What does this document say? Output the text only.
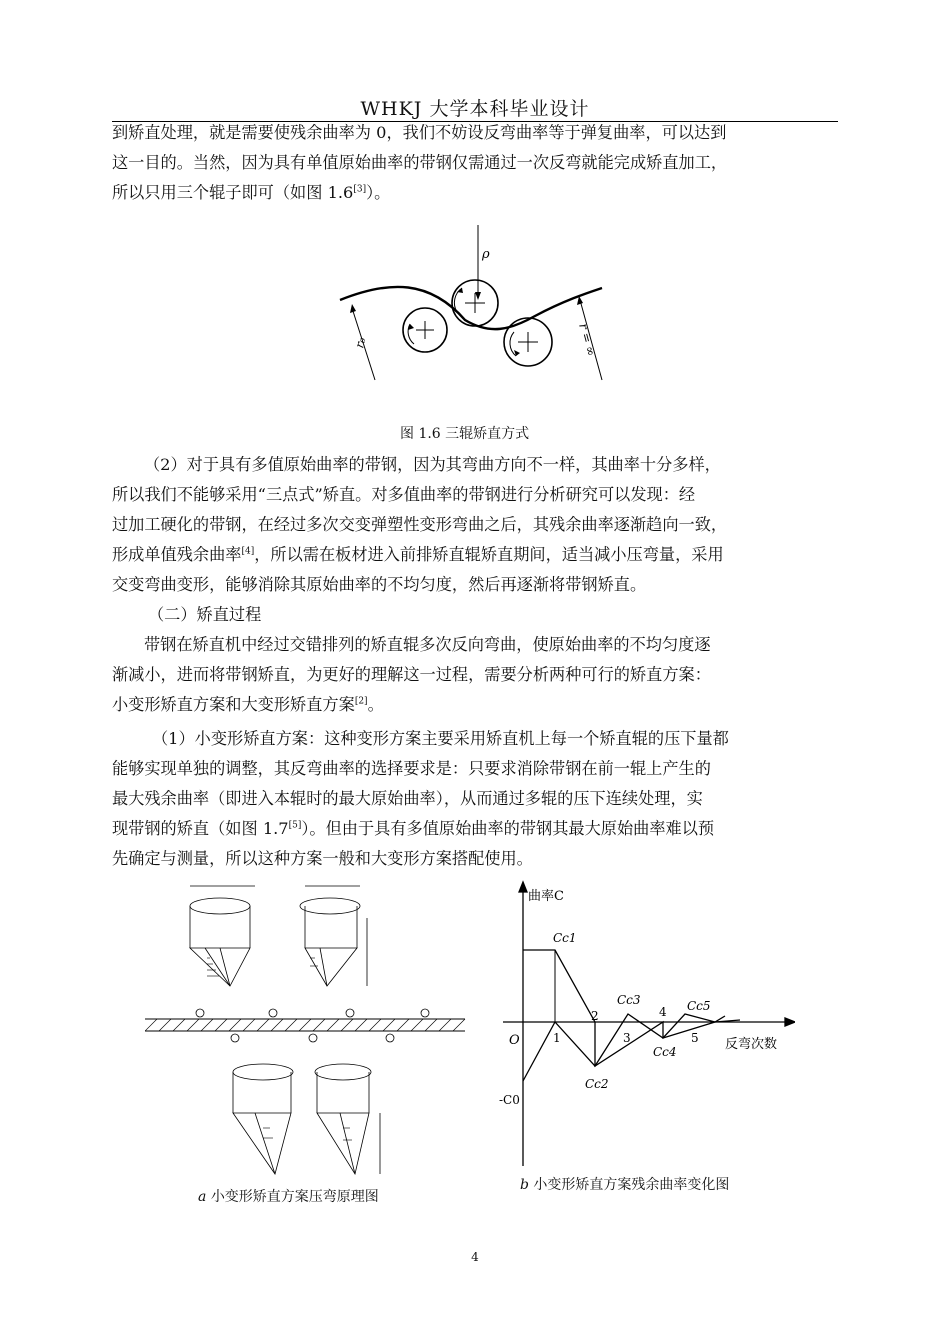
WHKJ 大学本科毕业设计
到矫直处理，就是需要使残余曲率为 0，我们不妨设反弯曲率等于弹复曲率，可以达到
这一目的。当然，因为具有单值原始曲率的带钢仅需通过一次反弯就能完成矫直加工，
所以只用三个辊子即可（如图 1.6[3]）。
ρ
r₀	r = ∞
图 1.6 三辊矫直方式
（2）对于具有多值原始曲率的带钢，因为其弯曲方向不一样，其曲率十分多样，
所以我们不能够采用“三点式”矫直。对多值曲率的带钢进行分析研究可以发现：经
过加工硬化的带钢，在经过多次交变弹塑性变形弯曲之后，其残余曲率逐渐趋向一致，
形成单值残余曲率[4]，所以需在板材进入前排矫直辊矫直期间，适当减小压弯量，采用
交变弯曲变形，能够消除其原始曲率的不均匀度，然后再逐渐将带钢矫直。
（二）矫直过程
带钢在矫直机中经过交错排列的矫直辊多次反向弯曲，使原始曲率的不均匀度逐
渐减小，进而将带钢矫直，为更好的理解这一过程，需要分析两种可行的矫直方案：
小变形矫直方案和大变形矫直方案[2]。
（1）小变形矫直方案：这种变形方案主要采用矫直机上每一个矫直辊的压下量都
能够实现单独的调整，其反弯曲率的选择要求是：只要求消除带钢在前一辊上产生的
最大残余曲率（即进入本辊时的最大原始曲率），从而通过多辊的压下连续处理，实
现带钢的矫直（如图 1.7[5]）。但由于具有多值原始曲率的带钢其最大原始曲率难以预
先确定与测量，所以这种方案一般和大变形方案搭配使用。
a 小变形矫直方案压弯原理图
曲率C
反弯次数
O
-C0
Cc1
Cc2
Cc3
Cc4
Cc5
1
2
3
4
5
b 小变形矫直方案残余曲率变化图
4
